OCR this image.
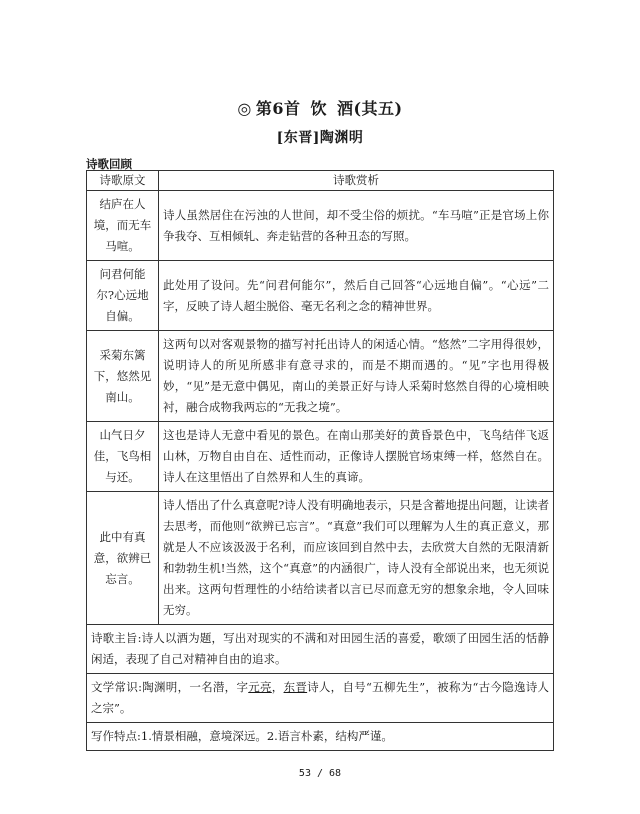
◎ 第6首 饮 酒(其五)
[东晋]陶渊明
诗歌回顾
诗歌原文	诗歌赏析
结庐在人境，而无车马喧。	诗人虽然居住在污浊的人世间，却不受尘俗的烦扰。“车马喧”正是官场上你争我夺、互相倾轧、奔走钻营的各种丑态的写照。
问君何能尔?心远地自偏。	此处用了设问。先“问君何能尔”，然后自己回答“心远地自偏”。“心远”二字，反映了诗人超尘脱俗、毫无名利之念的精神世界。
采菊东篱下，悠然见南山。	这两句以对客观景物的描写衬托出诗人的闲适心情。“悠然”二字用得很妙，说明诗人的所见所感非有意寻求的，而是不期而遇的。“见”字也用得极妙，“见”是无意中偶见，南山的美景正好与诗人采菊时悠然自得的心境相映衬，融合成物我两忘的“无我之境”。
山气日夕佳，飞鸟相与还。	这也是诗人无意中看见的景色。在南山那美好的黄昏景色中，飞鸟结伴飞返山林，万物自由自在、适性而动，正像诗人摆脱官场束缚一样，悠然自在。诗人在这里悟出了自然界和人生的真谛。
此中有真意，欲辨已忘言。	诗人悟出了什么真意呢?诗人没有明确地表示，只是含蓄地提出问题，让读者去思考，而他则“欲辨已忘言”。“真意”我们可以理解为人生的真正意义，那就是人不应该汲汲于名利，而应该回到自然中去，去欣赏大自然的无限清新和勃勃生机!当然，这个“真意”的内涵很广，诗人没有全部说出来，也无须说出来。这两句哲理性的小结给读者以言已尽而意无穷的想象余地，令人回味无穷。
诗歌主旨:诗人以酒为题，写出对现实的不满和对田园生活的喜爱，歌颂了田园生活的恬静闲适，表现了自己对精神自由的追求。	
文学常识:陶渊明，一名潜，字元亮，东晋诗人，自号“五柳先生”，被称为“古今隐逸诗人之宗”。	
写作特点:1.情景相融，意境深远。2.语言朴素，结构严谨。	
53 / 68
